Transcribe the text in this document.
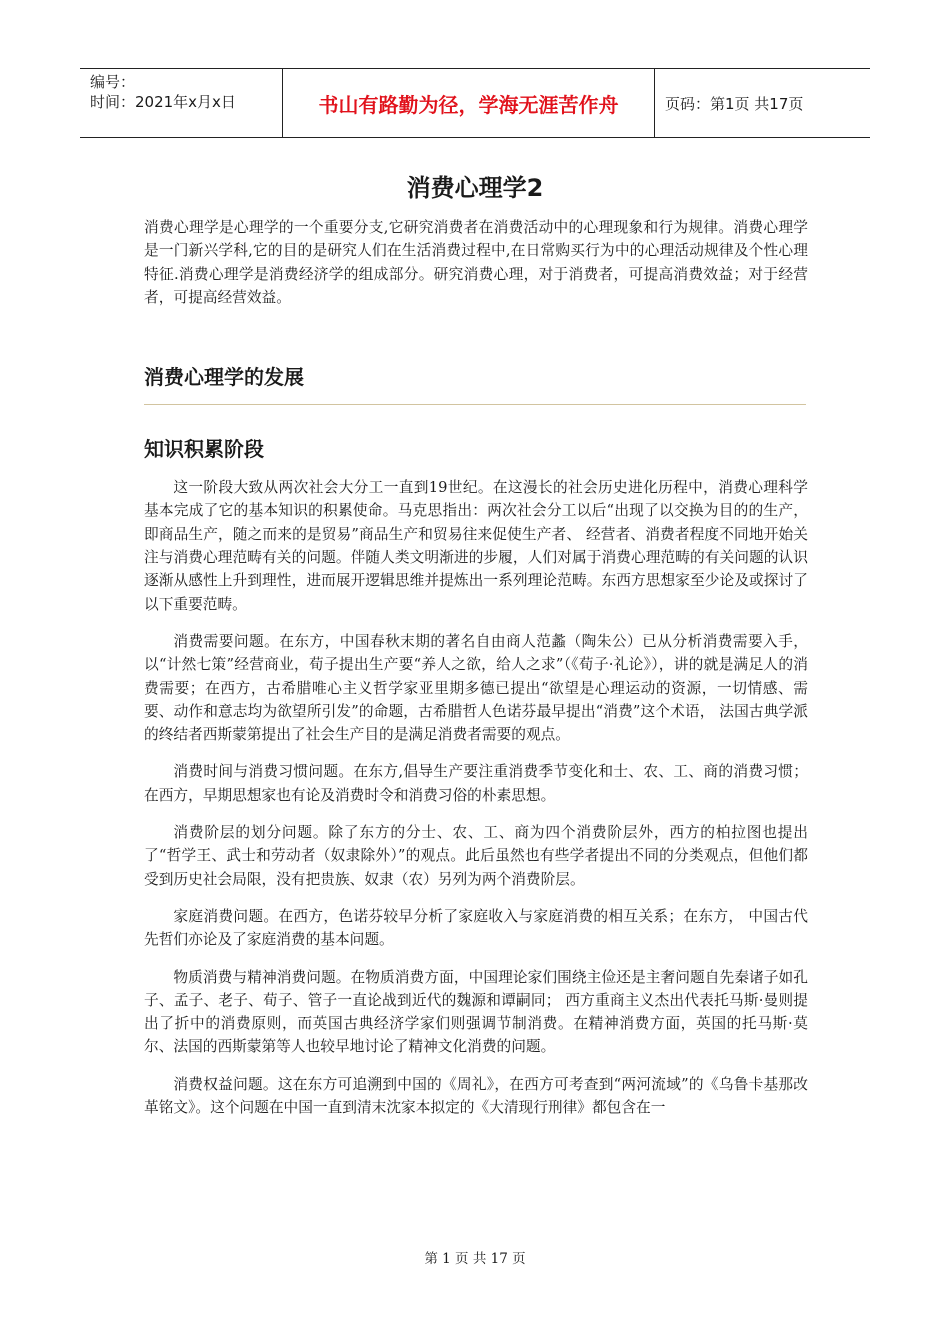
编号：
时间：2021年x月x日	书山有路勤为径，学海无涯苦作舟	页码：第1页 共17页
消费心理学2

消费心理学是心理学的一个重要分支,它研究消费者在消费活动中的心理现象和行为规律。消费心理学是一门新兴学科,它的目的是研究人们在生活消费过程中,在日常购买行为中的心理活动规律及个性心理特征.消费心理学是消费经济学的组成部分。研究消费心理，对于消费者，可提高消费效益；对于经营者，可提高经营效益。

消费心理学的发展
知识积累阶段

这一阶段大致从两次社会大分工一直到19世纪。在这漫长的社会历史进化历程中，消费心理科学基本完成了它的基本知识的积累使命。马克思指出：两次社会分工以后“出现了以交换为目的的生产，即商品生产，随之而来的是贸易”商品生产和贸易往来促使生产者、 经营者、消费者程度不同地开始关注与消费心理范畴有关的问题。伴随人类文明渐进的步履，人们对属于消费心理范畴的有关问题的认识逐渐从感性上升到理性，进而展开逻辑思维并提炼出一系列理论范畴。东西方思想家至少论及或探讨了以下重要范畴。

消费需要问题。在东方，中国春秋末期的著名自由商人范蠡（陶朱公）已从分析消费需要入手，以“计然七策”经营商业，荀子提出生产要“养人之欲，给人之求”（《荀子·礼论》），讲的就是满足人的消费需要；在西方，古希腊唯心主义哲学家亚里期多德已提出“欲望是心理运动的资源，一切情感、需要、动作和意志均为欲望所引发”的命题，古希腊哲人色诺芬最早提出“消费”这个术语， 法国古典学派的终结者西斯蒙第提出了社会生产目的是满足消费者需要的观点。

消费时间与消费习惯问题。在东方,倡导生产要注重消费季节变化和士、农、工、商的消费习惯；在西方，早期思想家也有论及消费时令和消费习俗的朴素思想。

消费阶层的划分问题。除了东方的分士、农、工、商为四个消费阶层外，西方的柏拉图也提出了“哲学王、武士和劳动者（奴隶除外）”的观点。此后虽然也有些学者提出不同的分类观点，但他们都受到历史社会局限，没有把贵族、奴隶（农）另列为两个消费阶层。

家庭消费问题。在西方，色诺芬较早分析了家庭收入与家庭消费的相互关系；在东方， 中国古代先哲们亦论及了家庭消费的基本问题。

物质消费与精神消费问题。在物质消费方面，中国理论家们围绕主俭还是主奢问题自先秦诸子如孔子、孟子、老子、荀子、管子一直论战到近代的魏源和谭嗣同； 西方重商主义杰出代表托马斯·曼则提出了折中的消费原则，而英国古典经济学家们则强调节制消费。在精神消费方面，英国的托马斯·莫尔、法国的西斯蒙第等人也较早地讨论了精神文化消费的问题。

消费权益问题。这在东方可追溯到中国的《周礼》，在西方可考查到“两河流域”的《乌鲁卡基那改革铭文》。这个问题在中国一直到清末沈家本拟定的《大清现行刑律》都包含在一

第 1 页 共 17 页
